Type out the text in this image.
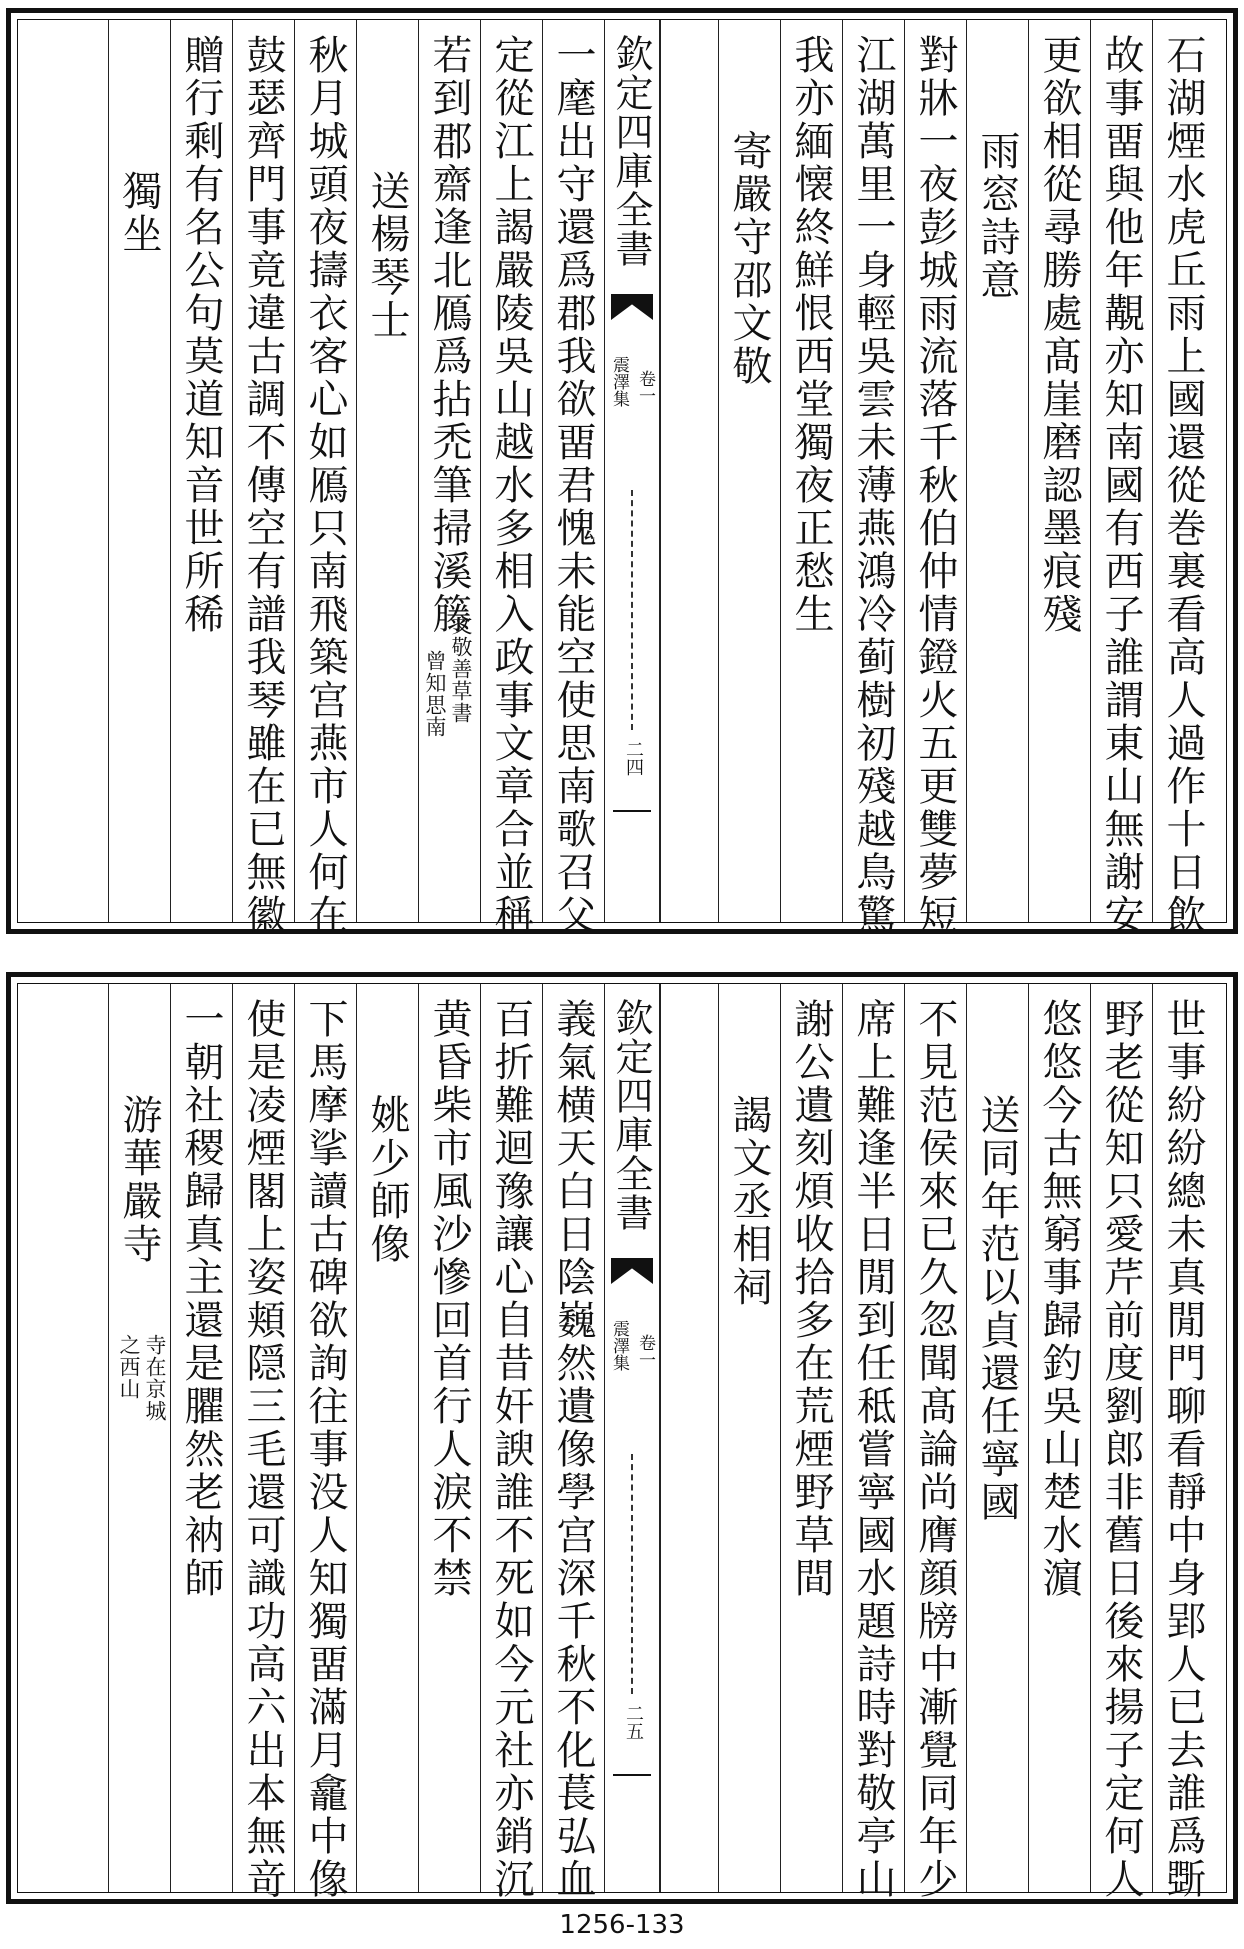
石湖煙水虎丘雨上國還從巻裏看高人過作十日飲
故事畱與他年覯亦知南國有西子誰謂東山無謝安
更欲相從尋勝處髙崖磨認墨痕殘
雨窓詩意
對牀一夜彭城雨流落千秋伯仲情鐙火五更雙夢短
江湖萬里一身輕吳雲未薄燕鴻冷蓟樹初殘越鳥驚
我亦緬懐終鮮恨西堂獨夜正愁生
寄嚴守邵文敬
欽定四庫全書
震澤集 卷一
二四
一麾出守還爲郡我欲畱君愧未能空使思南歌召父
定從江上謁嚴陵吳山越水多相入政事文章合並稱
若到郡齋逢北鴈爲拈禿筆掃溪籐
文敬善草書
曾知思南
送楊琴士
秋月城頭夜擣衣客心如鴈只南飛築宫燕市人何在
鼓瑟齊門事竟違古調不傳空有譜我琴雖在已無徽
贈行剩有名公句莫道知音世所稀
獨坐
世事紛紛總未真閒門聊看靜中身郢人已去誰爲斲
野老從知只愛芹前度劉郎非舊日後來揚子定何人
悠悠今古無窮事歸釣吳山楚水濵
送同年范以貞還任寧國
不見范侯來已久忽聞髙論尚膺顔牓中漸覺同年少
席上難逢半日閒到任秪嘗寧國水題詩時對敬亭山
謝公遺刻煩收拾多在荒煙野草間
謁文丞相祠
欽定四庫全書
震澤集 卷一
二五
義氣横天白日陰巍然遺像學宫深千秋不化萇弘血
百折難迴豫讓心自昔奸諛誰不死如今元社亦銷沉
黄昏柴市風沙慘回首行人淚不禁
姚少師像
下馬摩挲讀古碑欲詢往事没人知獨畱滿月龕中像
使是凌煙閣上姿頬隠三毛還可識功高六出本無竒
一朝社稷歸真主還是臞然老衲師
游華嚴寺
寺在京城
之西山
1256-133
